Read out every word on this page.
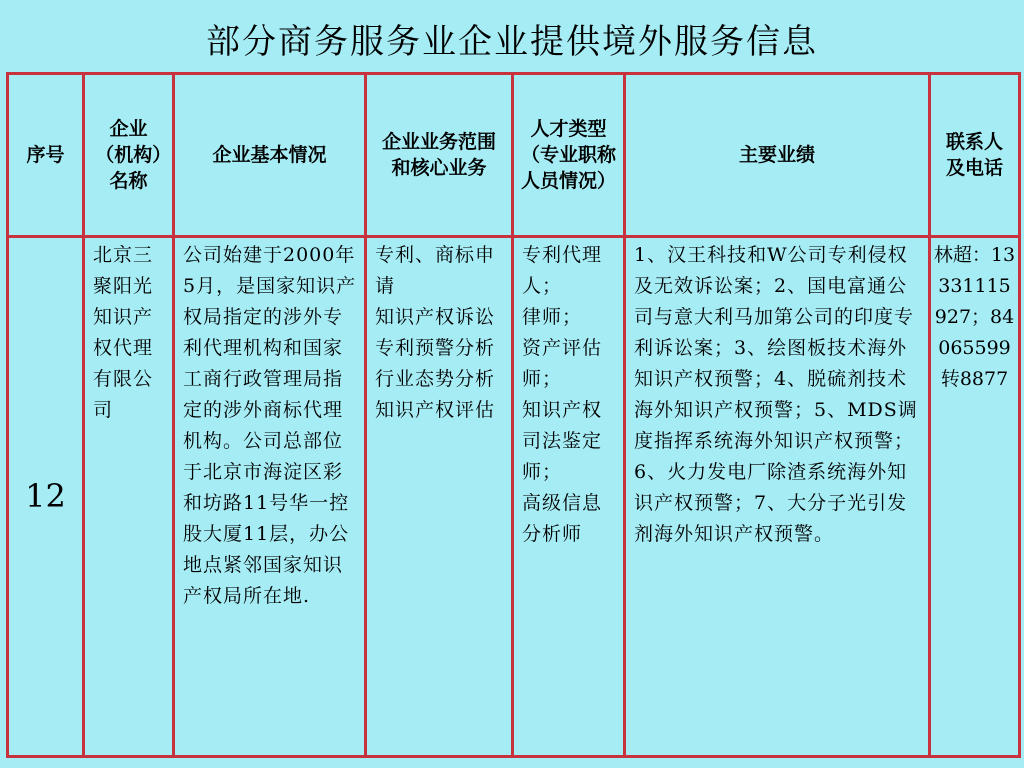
部分商务服务业企业提供境外服务信息
序号	企业（机构）名称	企业基本情况	企业业务范围和核心业务	人才类型（专业职称人员情况）	主要业绩	联系人及电话
12	北京三聚阳光知识产权代理有限公司	公司始建于2000年5月，是国家知识产权局指定的涉外专利代理机构和国家工商行政管理局指定的涉外商标代理机构。公司总部位于北京市海淀区彩和坊路11号华一控股大厦11层，办公地点紧邻国家知识产权局所在地.	专利、商标申请
知识产权诉讼
专利预警分析
行业态势分析
知识产权评估	专利代理人；
律师；
资产评估师；
知识产权司法鉴定师；
高级信息分析师	1、汉王科技和W公司专利侵权及无效诉讼案；2、国电富通公司与意大利马加第公司的印度专利诉讼案；3、绘图板技术海外知识产权预警；4、脱硫剂技术海外知识产权预警；5、MDS调度指挥系统海外知识产权预警；6、火力发电厂除渣系统海外知识产权预警；7、大分子光引发剂海外知识产权预警。	林超：13331115927；84065599转8877
